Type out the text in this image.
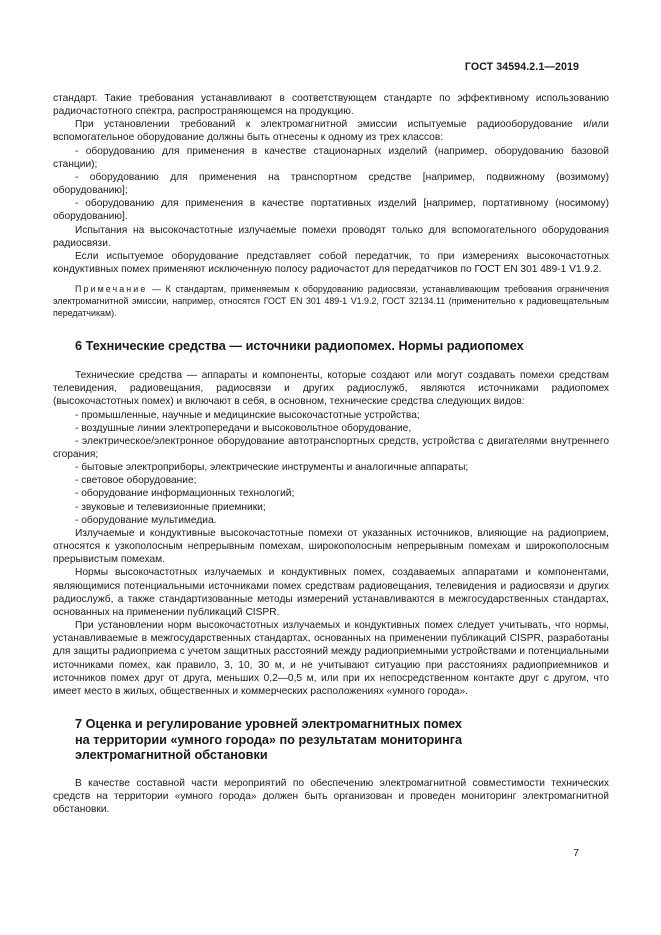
ГОСТ 34594.2.1—2019

стандарт. Такие требования устанавливают в соответствующем стандарте по эффективному использованию радиочастотного спектра, распространяющемся на продукцию.

При установлении требований к электромагнитной эмиссии испытуемые радиооборудование и/или вспомогательное оборудование должны быть отнесены к одному из трех классов:

- оборудованию для применения в качестве стационарных изделий (например, оборудованию базовой станции);

- оборудованию для применения на транспортном средстве [например, подвижному (возимому) оборудованию];

- оборудованию для применения в качестве портативных изделий [например, портативному (носимому) оборудованию].

Испытания на высокочастотные излучаемые помехи проводят только для вспомогательного оборудования радиосвязи.

Если испытуемое оборудование представляет собой передатчик, то при измерениях высокочастотных кондуктивных помех применяют исключенную полосу радиочастот для передатчиков по ГОСТ EN 301 489-1 V1.9.2.

Примечание — К стандартам, применяемым к оборудованию радиосвязи, устанавливающим требования ограничения электромагнитной эмиссии, например, относятся ГОСТ EN 301 489-1 V1.9.2, ГОСТ 32134.11 (применительно к радиовещательным передатчикам).

6 Технические средства — источники радиопомех. Нормы радиопомех

Технические средства — аппараты и компоненты, которые создают или могут создавать помехи средствам телевидения, радиовещания, радиосвязи и других радиослужб, являются источниками радиопомех (высокочастотных помех) и включают в себя, в основном, технические средства следующих видов:

- промышленные, научные и медицинские высокочастотные устройства;

- воздушные линии электропередачи и высоковольтное оборудование,

- электрическое/электронное оборудование автотранспортных средств, устройства с двигателями внутреннего сгорания;

- бытовые электроприборы, электрические инструменты и аналогичные аппараты;

- световое оборудование;

- оборудование информационных технологий;

- звуковые и телевизионные приемники;

- оборудование мультимедиа.

Излучаемые и кондуктивные высокочастотные помехи от указанных источников, влияющие на радиоприем, относятся к узкополосным непрерывным помехам, широкополосным непрерывным помехам и широкополосным прерывистым помехам.

Нормы высокочастотных излучаемых и кондуктивных помех, создаваемых аппаратами и компонентами, являющимися потенциальными источниками помех средствам радиовещания, телевидения и радиосвязи и других радиослужб, а также стандартизованные методы измерений устанавливаются в межгосударственных стандартах, основанных на применении публикаций CISPR.

При установлении норм высокочастотных излучаемых и кондуктивных помех следует учитывать, что нормы, устанавливаемые в межгосударственных стандартах, основанных на применении публикаций CISPR, разработаны для защиты радиоприема с учетом защитных расстояний между радиоприемными устройствами и потенциальными источниками помех, как правило, 3, 10, 30 м, и не учитывают ситуацию при расстояниях радиоприемников и источников помех друг от друга, меньших 0,2—0,5 м, или при их непосредственном контакте друг с другом, что имеет место в жилых, общественных и коммерческих расположениях «умного города».

7 Оценка и регулирование уровней электромагнитных помех
на территории «умного города» по результатам мониторинга
электромагнитной обстановки

В качестве составной части мероприятий по обеспечению электромагнитной совместимости технических средств на территории «умного города» должен быть организован и проведен мониторинг электромагнитной обстановки.

7
